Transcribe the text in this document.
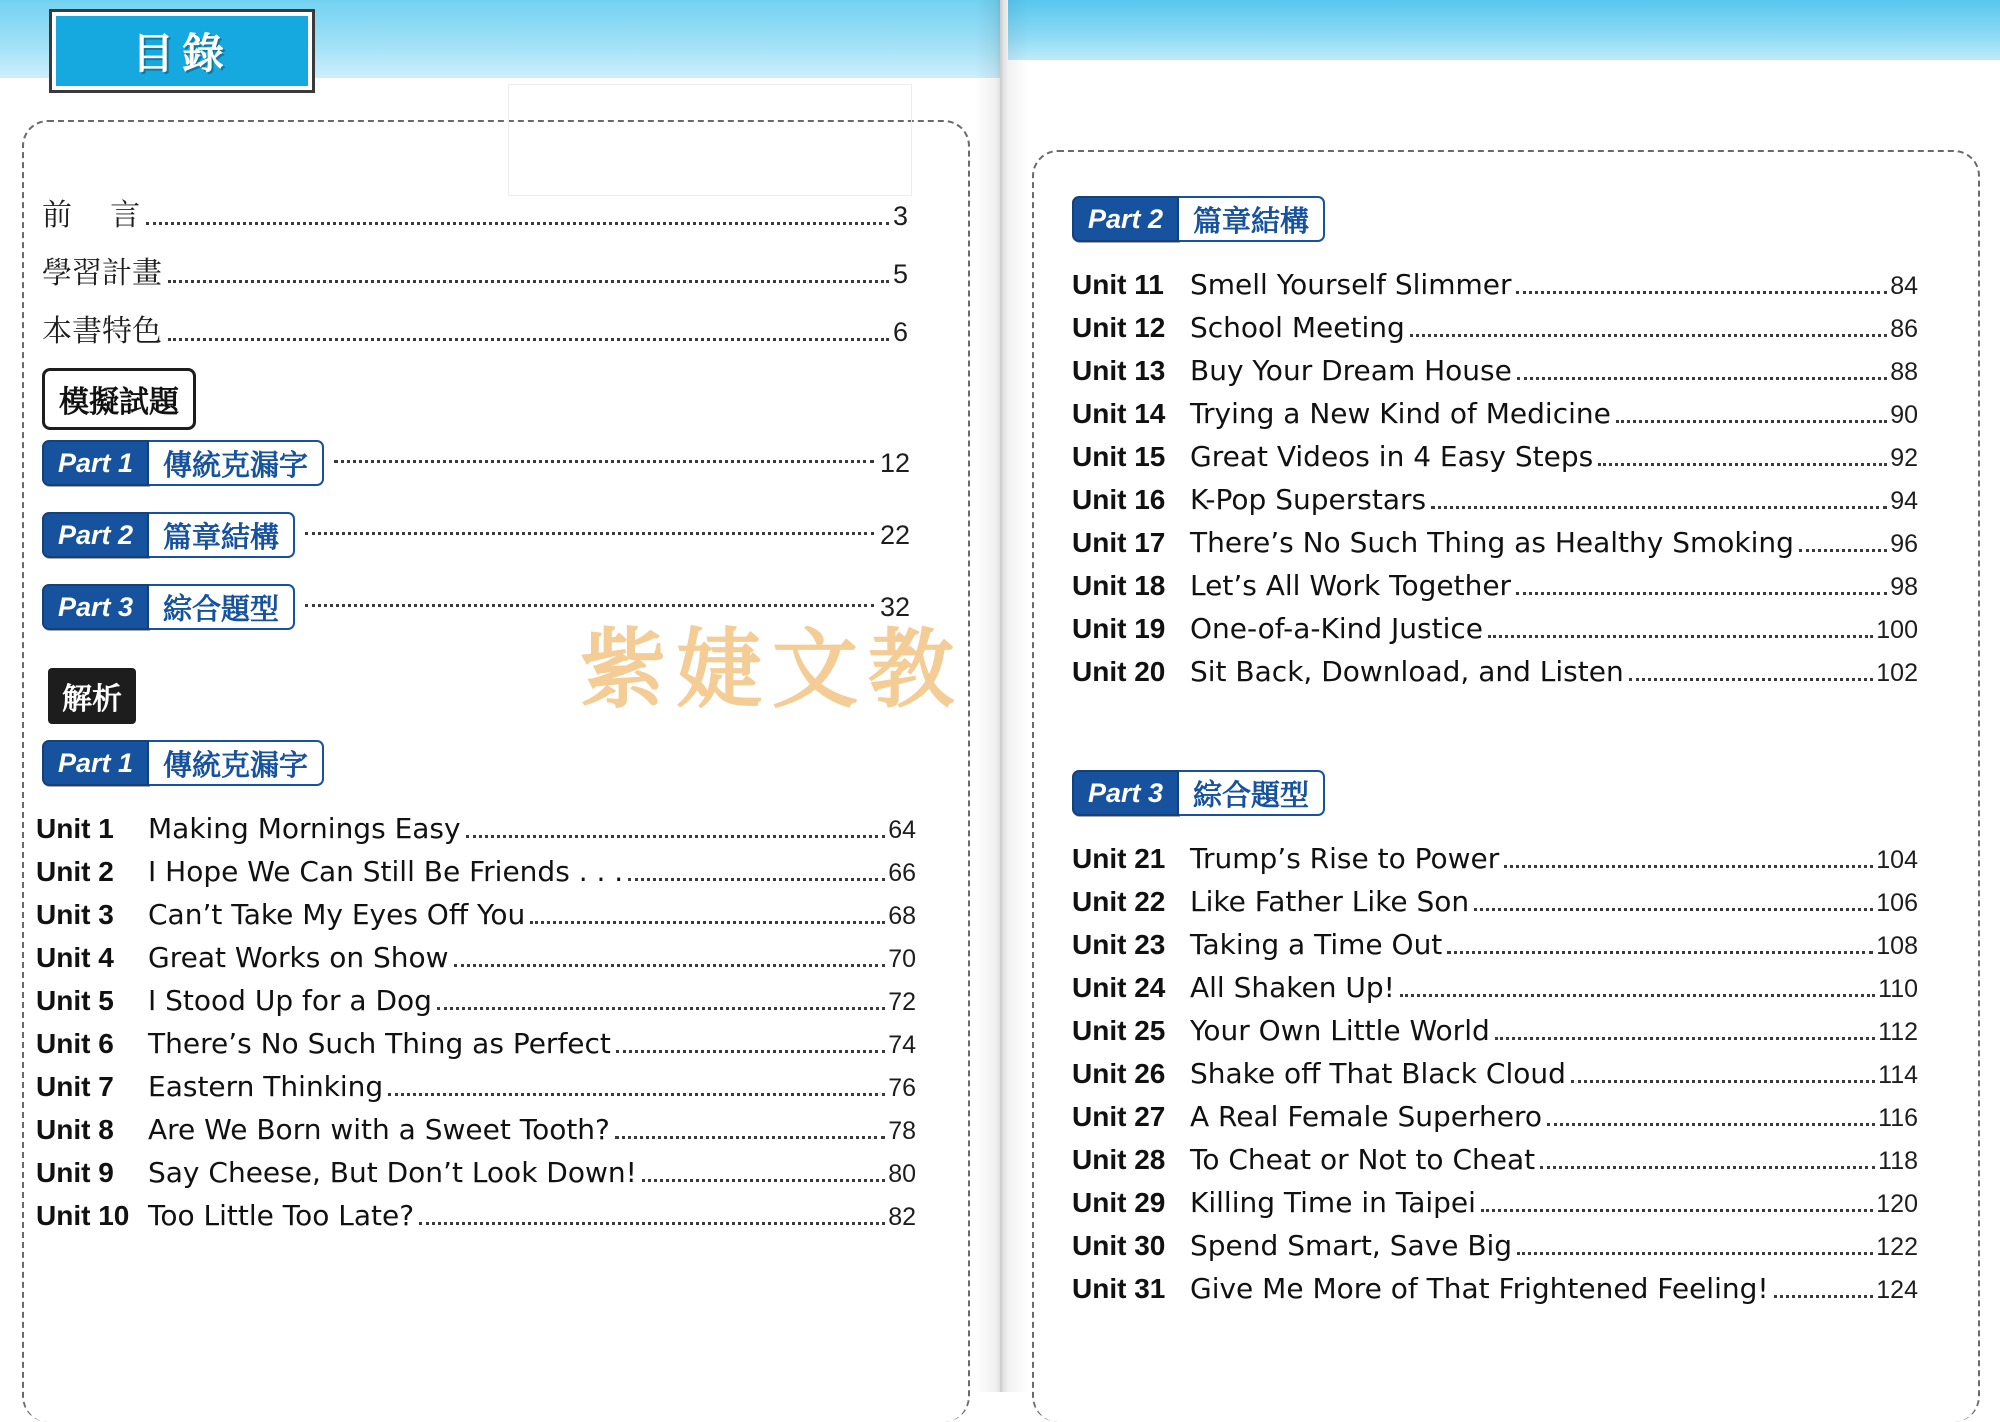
目錄
前    言	3
學習計畫	5
本書特色	6
模擬試題
Part 1	傳統克漏字	12
Part 2	篇章結構	22
Part 3	綜合題型	32
解析
Part 1	傳統克漏字
Unit 1	Making Mornings Easy	64
Unit 2	I Hope We Can Still Be Friends . . .	66
Unit 3	Can’t Take My Eyes Off You	68
Unit 4	Great Works on Show	70
Unit 5	I Stood Up for a Dog	72
Unit 6	There’s No Such Thing as Perfect	74
Unit 7	Eastern Thinking	76
Unit 8	Are We Born with a Sweet Tooth?	78
Unit 9	Say Cheese, But Don’t Look Down!	80
Unit 10 Too Little Too Late?	82
Part 2	篇章結構
Unit 11 Smell Yourself Slimmer	84
Unit 12 School Meeting	86
Unit 13 Buy Your Dream House	88
Unit 14 Trying a New Kind of Medicine	90
Unit 15 Great Videos in 4 Easy Steps	92
Unit 16 K-Pop Superstars	94
Unit 17 There’s No Such Thing as Healthy Smoking	96
Unit 18 Let’s All Work Together	98
Unit 19 One-of-a-Kind Justice	100
Unit 20 Sit Back, Download, and Listen	102
Part 3	綜合題型
Unit 21 Trump’s Rise to Power	104
Unit 22 Like Father Like Son	106
Unit 23 Taking a Time Out	108
Unit 24 All Shaken Up!	110
Unit 25 Your Own Little World	112
Unit 26 Shake off That Black Cloud	114
Unit 27 A Real Female Superhero	116
Unit 28 To Cheat or Not to Cheat	118
Unit 29 Killing Time in Taipei	120
Unit 30 Spend Smart, Save Big	122
Unit 31 Give Me More of That Frightened Feeling!	124
紫婕文教
